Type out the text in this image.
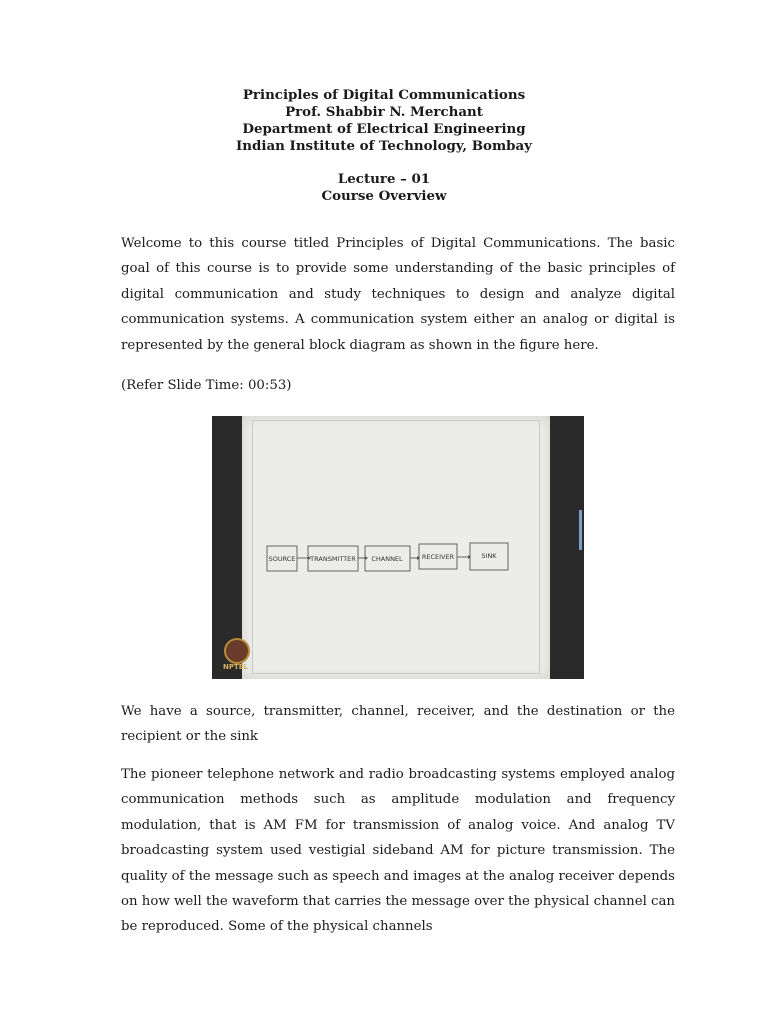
Principles of Digital Communications
Prof. Shabbir N. Merchant
Department of Electrical Engineering
Indian Institute of Technology, Bombay
Lecture – 01
Course Overview

Welcome to this course titled Principles of Digital Communications. The basic goal of this course is to provide some understanding of the basic principles of digital communication and study techniques to design and analyze digital communication systems. A communication system either an analog or digital is represented by the general block diagram as shown in the figure here.

(Refer Slide Time: 00:53)

SOURCE TRANSMITTER CHANNEL	RECEIVER	SINK
NPTEL

We have a source, transmitter, channel, receiver, and the destination or the recipient or the sink

The pioneer telephone network and radio broadcasting systems employed analog communication methods such as amplitude modulation and frequency modulation, that is AM FM for transmission of analog voice. And analog TV broadcasting system used vestigial sideband AM for picture transmission. The quality of the message such as speech and images at the analog receiver depends on how well the waveform that carries the message over the physical channel can be reproduced. Some of the physical channels
